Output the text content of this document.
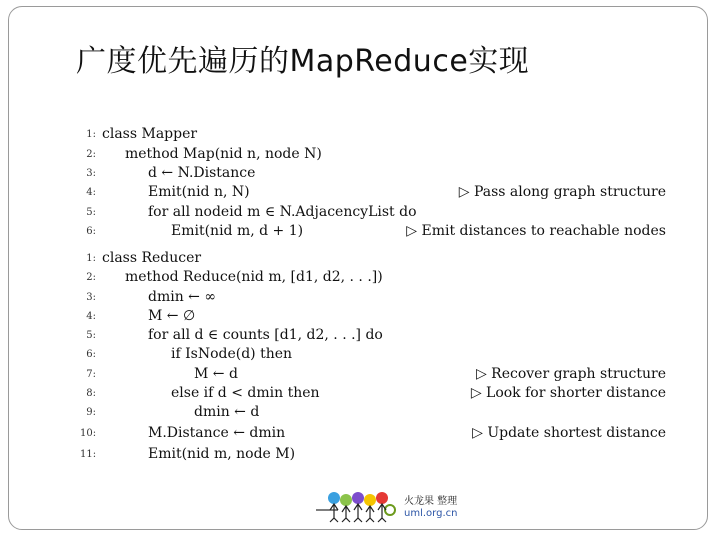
广度优先遍历的MapReduce实现
1: class Mapper
2: method Map(nid n, node N)
3:	d ← N.Distance
4:	Emit(nid n, N)	▷ Pass along graph structure
5:	for all nodeid m ∈ N.AdjacencyList do
6:	Emit(nid m, d + 1)	▷ Emit distances to reachable nodes
1: class Reducer
2: method Reduce(nid m, [d1, d2, . . .])
3:	dmin ← ∞
4:	M ← ∅
5:	for all d ∈ counts [d1, d2, . . .] do
6:	if IsNode(d) then
7:	M ← d	▷ Recover graph structure
8:	else if d < dmin then	▷ Look for shorter distance
9:	dmin ← d
10:	M.Distance ← dmin	▷ Update shortest distance
11:	Emit(nid m, node M)
火龙果 整理
uml.org.cn
